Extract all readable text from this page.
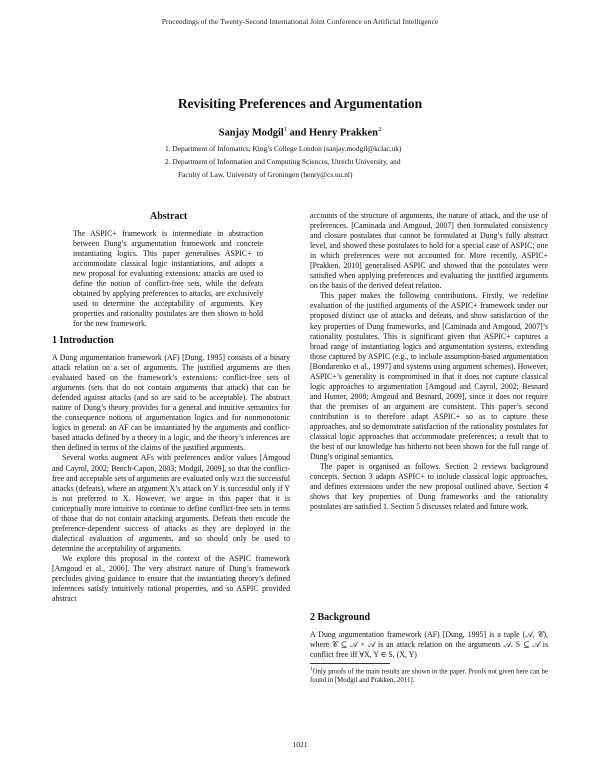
Proceedings of the Twenty-Second International Joint Conference on Artificial Intelligence
Revisiting Preferences and Argumentation
Sanjay Modgil$^1$ and Henry Prakken$^2$
1. Department of Infomatics, King’s College London (sanjay.modgil@kclac.uk)
2. Department of Information and Computing Sciences, Utrecht University, and
Faculty of Law, University of Groningen (henry@cs.uu.nl)
Abstract

The ASPIC+ framework is intermediate in abstraction between Dung’s argumentation framework and concrete instantiating logics. This paper generalises ASPIC+ to accommodate classical logic instantiations, and adopts a new proposal for evaluating extensions: attacks are used to define the notion of conflict-free sets, while the defeats obtained by applying preferences to attacks, are exclusively used to determine the acceptability of arguments. Key properties and rationality postulates are then shown to hold for the new framework.

1 Introduction

A Dung argumentation framework (AF) [Dung, 1995] consists of a binary attack relation on a set of arguments. The justified arguments are then evaluated based on the framework’s extensions: conflict-free sets of arguments (sets that do not contain arguments that attack) that can be defended against attacks (and so are said to be acceptable). The abstract nature of Dung’s theory provides for a general and intuitive semantics for the consequence notions of argumentation logics and for nonmonotonic logics in general: an AF can be instantiated by the arguments and conflict-based attacks defined by a theory in a logic, and the theory’s inferences are then defined in terms of the claims of the justified arguments.

Several works augment AFs with preferences and/or values [Amgoud and Cayrol, 2002; Bench-Capon, 2003; Modgil, 2009], so that the conflict-free and acceptable sets of arguments are evaluated only w.r.t the successful attacks (defeats), where an argument X’s attack on Y is successful only if Y is not preferred to X. However, we argue in this paper that it is conceptually more intuitive to continue to define conflict-free sets in terms of those that do not contain attacking arguments. Defeats then encode the preference-dependent success of attacks as they are deployed in the dialectical evaluation of arguments, and so should only be used to determine the acceptability of arguments.

We explore this proposal in the context of the ASPIC framework [Amgoud et al., 2006]. The very abstract nature of Dung’s framework precludes giving guidance to ensure that the instantiating theory’s defined inferences satisfy intuitively rational properties, and so ASPIC provided abstract

accounts of the structure of arguments, the nature of attack, and the use of preferences. [Caminada and Amgoud, 2007] then formulated consistency and closure postulates that cannot be formulated at Dung’s fully abstract level, and showed these postulates to hold for a special case of ASPIC; one in which preferences were not accounted for. More recently, ASPIC+ [Prakken, 2010] generalised ASPIC and showed that the postulates were satisfied when applying preferences and evaluating the justified arguments on the basis of the derived defeat relation.

This paper makes the following contributions. Firstly, we redefine evaluation of the justified arguments of the ASPIC+ framework under our proposed distinct use of attacks and defeats, and show satisfaction of the key properties of Dung frameworks, and [Caminada and Amgoud, 2007]’s rationality postulates. This is significant given that ASPIC+ captures a broad range of instantiating logics and argumentation systems, extending those captured by ASPIC (e.g., to include assumption-based argumentation [Bondarenko et al., 1997] and systems using argument schemes). However, ASPIC+’s generality is compromised in that it does not capture classical logic approaches to argumentation [Amgoud and Cayrol, 2002; Besnard and Hunter, 2008; Amgoud and Besnard, 2009], since it does not require that the premises of an argument are consistent. This paper’s second contribution is to therefore adapt ASPIC+ so as to capture these approaches, and so demonstrate satisfaction of the rationality postulates for classical logic approaches that accommodate preferences; a result that to the best of our knowledge has hitherto not been shown for the full range of Dung’s original semantics.

The paper is organised as follows. Section 2 reviews background concepts. Section 3 adapts ASPIC+ to include classical logic approaches, and defines extensions under the new proposal outlined above. Section 4 shows that key properties of Dung frameworks and the rationality postulates are satisfied 1. Section 5 discusses related and future work.

2 Background

A Dung argumentation framework (AF) [Dung, 1995] is a tuple (𝒜, 𝒞), where 𝒞 ⊆ 𝒜 × 𝒜 is an attack relation on the arguments 𝒜. S ⊆ 𝒜 is conflict free iff ∀X, Y ∈ S, (X, Y)

$^1$Only proofs of the main results are shown in the paper. Proofs not given here can be found in [Modgil and Prakken, 2011].
1021
